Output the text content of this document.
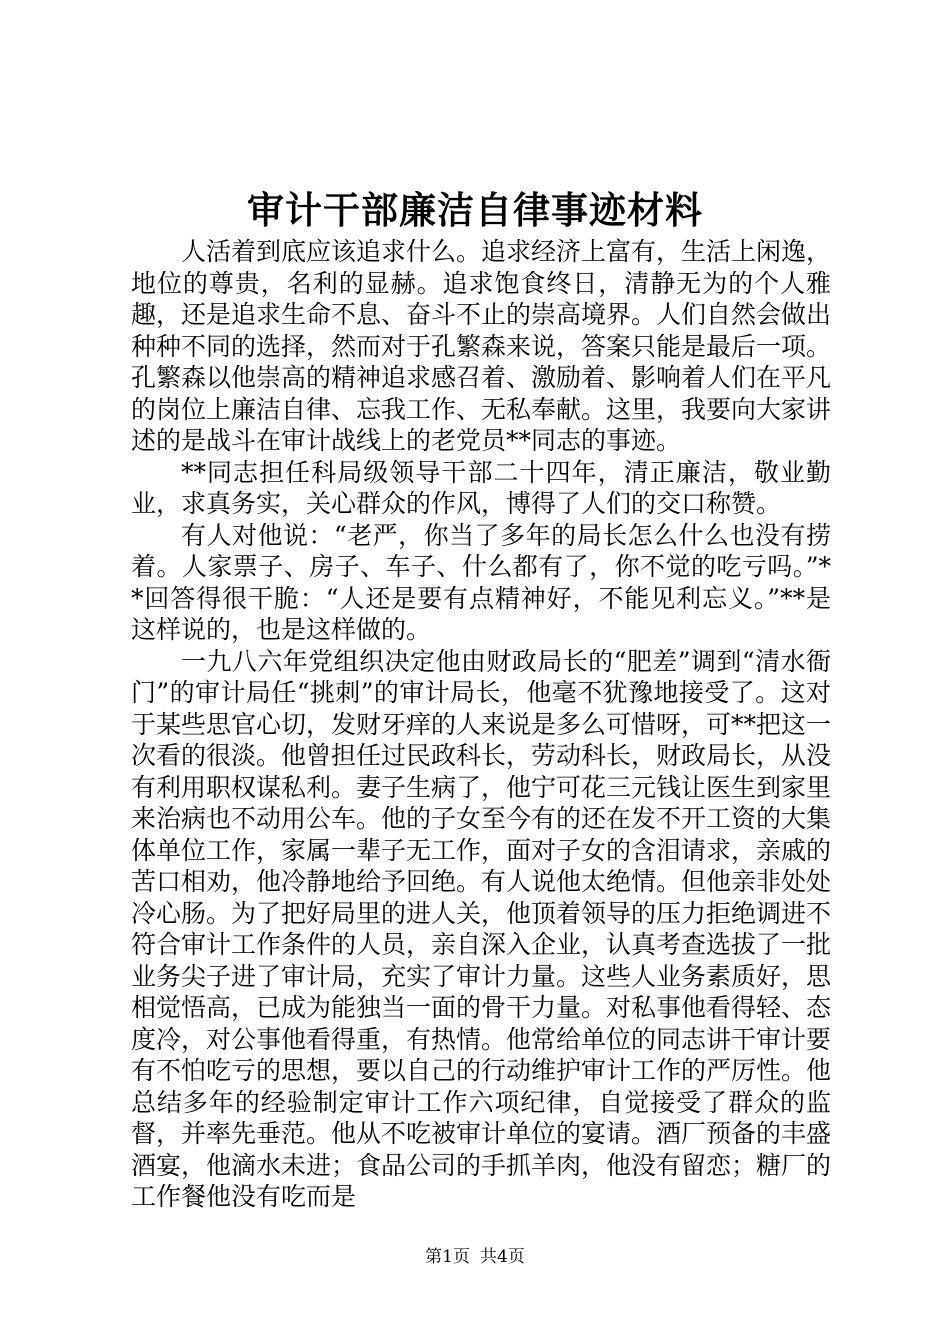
审计干部廉洁自律事迹材料

人活着到底应该追求什么。追求经济上富有，生活上闲逸，地位的尊贵，名利的显赫。追求饱食终日，清静无为的个人雅趣，还是追求生命不息、奋斗不止的崇高境界。人们自然会做出种种不同的选择，然而对于孔繁森来说，答案只能是最后一项。孔繁森以他崇高的精神追求感召着、激励着、影响着人们在平凡的岗位上廉洁自律、忘我工作、无私奉献。这里，我要向大家讲述的是战斗在审计战线上的老党员**同志的事迹。

**同志担任科局级领导干部二十四年，清正廉洁，敬业勤业，求真务实，关心群众的作风，博得了人们的交口称赞。

有人对他说：“老严，你当了多年的局长怎么什么也没有捞着。人家票子、房子、车子、什么都有了，你不觉的吃亏吗。”**回答得很干脆：“人还是要有点精神好，不能见利忘义。”**是这样说的，也是这样做的。

一九八六年党组织决定他由财政局长的“肥差”调到“清水衙门”的审计局任“挑刺”的审计局长，他毫不犹豫地接受了。这对于某些思官心切，发财牙痒的人来说是多么可惜呀，可**把这一次看的很淡。他曾担任过民政科长，劳动科长，财政局长，从没有利用职权谋私利。妻子生病了，他宁可花三元钱让医生到家里来治病也不动用公车。他的子女至今有的还在发不开工资的大集体单位工作，家属一辈子无工作，面对子女的含泪请求，亲戚的苦口相劝，他冷静地给予回绝。有人说他太绝情。但他亲非处处冷心肠。为了把好局里的进人关，他顶着领导的压力拒绝调进不符合审计工作条件的人员，亲自深入企业，认真考查选拔了一批业务尖子进了审计局，充实了审计力量。这些人业务素质好，思相觉悟高，已成为能独当一面的骨干力量。对私事他看得轻、态度冷，对公事他看得重，有热情。他常给单位的同志讲干审计要有不怕吃亏的思想，要以自己的行动维护审计工作的严厉性。他总结多年的经验制定审计工作六项纪律，自觉接受了群众的监督，并率先垂范。他从不吃被审计单位的宴请。酒厂预备的丰盛酒宴，他滴水未进；食品公司的手抓羊肉，他没有留恋；糖厂的工作餐他没有吃而是

第1页 共4页
